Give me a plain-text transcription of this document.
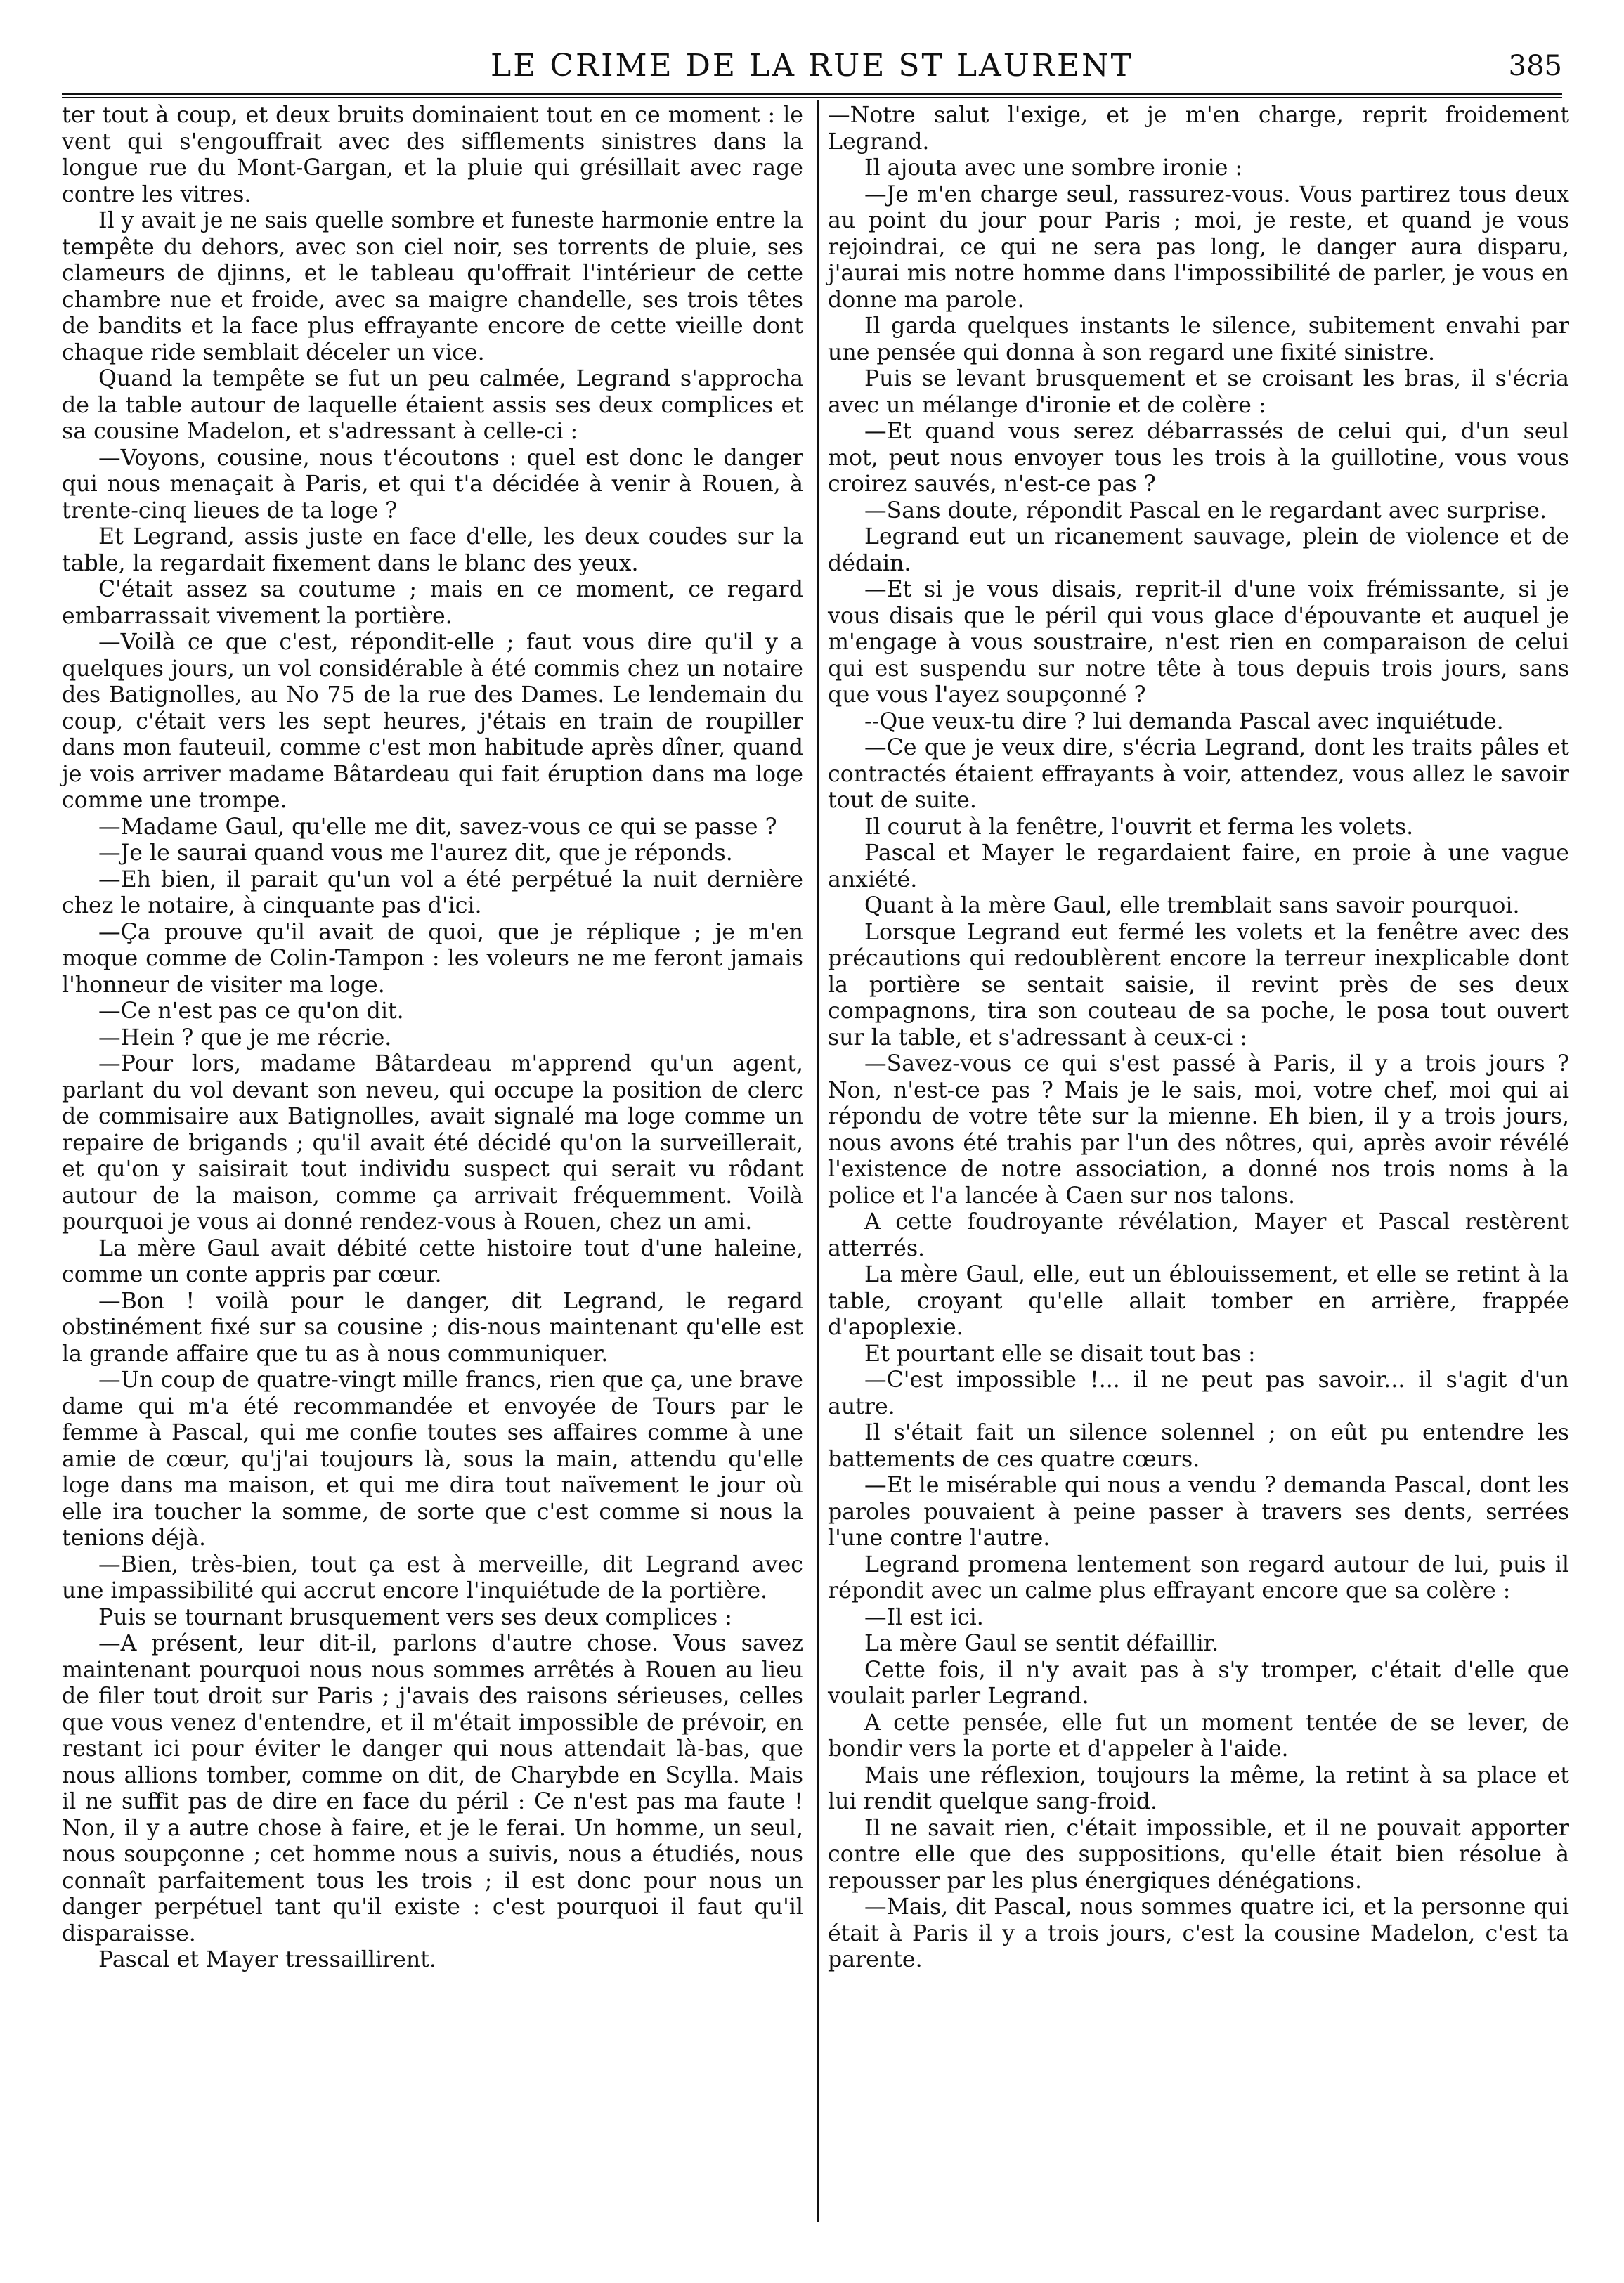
LE CRIME DE LA RUE ST LAURENT	385

ter tout à coup, et deux bruits dominaient tout en ce moment : le vent qui s'engouffrait avec des sifflements sinistres dans la longue rue du Mont-Gargan, et la pluie qui grésillait avec rage contre les vitres.

Il y avait je ne sais quelle sombre et funeste harmonie entre la tempête du dehors, avec son ciel noir, ses torrents de pluie, ses clameurs de djinns, et le tableau qu'offrait l'intérieur de cette chambre nue et froide, avec sa maigre chandelle, ses trois têtes de bandits et la face plus effrayante encore de cette vieille dont chaque ride semblait déceler un vice.

Quand la tempête se fut un peu calmée, Legrand s'approcha de la table autour de laquelle étaient assis ses deux complices et sa cousine Madelon, et s'adressant à celle-ci :

—Voyons, cousine, nous t'écoutons : quel est donc le danger qui nous menaçait à Paris, et qui t'a décidée à venir à Rouen, à trente-cinq lieues de ta loge ?

Et Legrand, assis juste en face d'elle, les deux coudes sur la table, la regardait fixement dans le blanc des yeux.

C'était assez sa coutume ; mais en ce moment, ce regard embarrassait vivement la portière.

—Voilà ce que c'est, répondit-elle ; faut vous dire qu'il y a quelques jours, un vol considérable à été commis chez un notaire des Batignolles, au No 75 de la rue des Dames. Le lendemain du coup, c'était vers les sept heures, j'étais en train de roupiller dans mon fauteuil, comme c'est mon habitude après dîner, quand je vois arriver madame Bâtardeau qui fait éruption dans ma loge comme une trompe.

—Madame Gaul, qu'elle me dit, savez-vous ce qui se passe ?

—Je le saurai quand vous me l'aurez dit, que je réponds.

—Eh bien, il parait qu'un vol a été perpétué la nuit dernière chez le notaire, à cinquante pas d'ici.

—Ça prouve qu'il avait de quoi, que je réplique ; je m'en moque comme de Colin-Tampon : les voleurs ne me feront jamais l'honneur de visiter ma loge.

—Ce n'est pas ce qu'on dit.

—Hein ? que je me récrie.

—Pour lors, madame Bâtardeau m'apprend qu'un agent, parlant du vol devant son neveu, qui occupe la position de clerc de commisaire aux Batignolles, avait signalé ma loge comme un repaire de brigands ; qu'il avait été décidé qu'on la surveillerait, et qu'on y saisirait tout individu suspect qui serait vu rôdant autour de la maison, comme ça arrivait fréquemment. Voilà pourquoi je vous ai donné rendez-vous à Rouen, chez un ami.

La mère Gaul avait débité cette histoire tout d'une haleine, comme un conte appris par cœur.

—Bon ! voilà pour le danger, dit Legrand, le regard obstinément fixé sur sa cousine ; dis-nous maintenant qu'elle est la grande affaire que tu as à nous communiquer.

—Un coup de quatre-vingt mille francs, rien que ça, une brave dame qui m'a été recommandée et envoyée de Tours par le femme à Pascal, qui me confie toutes ses affaires comme à une amie de cœur, qu'j'ai toujours là, sous la main, attendu qu'elle loge dans ma maison, et qui me dira tout naïvement le jour où elle ira toucher la somme, de sorte que c'est comme si nous la tenions déjà.

—Bien, très-bien, tout ça est à merveille, dit Legrand avec une impassibilité qui accrut encore l'inquiétude de la portière.

Puis se tournant brusquement vers ses deux complices :

—A présent, leur dit-il, parlons d'autre chose. Vous savez maintenant pourquoi nous nous sommes arrêtés à Rouen au lieu de filer tout droit sur Paris ; j'avais des raisons sérieuses, celles que vous venez d'entendre, et il m'était impossible de prévoir, en restant ici pour éviter le danger qui nous attendait là-bas, que nous allions tomber, comme on dit, de Charybde en Scylla. Mais il ne suffit pas de dire en face du péril : Ce n'est pas ma faute ! Non, il y a autre chose à faire, et je le ferai. Un homme, un seul, nous soupçonne ; cet homme nous a suivis, nous a étudiés, nous connaît parfaitement tous les trois ; il est donc pour nous un danger perpétuel tant qu'il existe : c'est pourquoi il faut qu'il disparaisse.

Pascal et Mayer tressaillirent.

—Notre salut l'exige, et je m'en charge, reprit froidement Legrand.

Il ajouta avec une sombre ironie :

—Je m'en charge seul, rassurez-vous. Vous partirez tous deux au point du jour pour Paris ; moi, je reste, et quand je vous rejoindrai, ce qui ne sera pas long, le danger aura disparu, j'aurai mis notre homme dans l'impossibilité de parler, je vous en donne ma parole.

Il garda quelques instants le silence, subitement envahi par une pensée qui donna à son regard une fixité sinistre.

Puis se levant brusquement et se croisant les bras, il s'écria avec un mélange d'ironie et de colère :

—Et quand vous serez débarrassés de celui qui, d'un seul mot, peut nous envoyer tous les trois à la guillotine, vous vous croirez sauvés, n'est-ce pas ?

—Sans doute, répondit Pascal en le regardant avec surprise.

Legrand eut un ricanement sauvage, plein de violence et de dédain.

—Et si je vous disais, reprit-il d'une voix frémissante, si je vous disais que le péril qui vous glace d'épouvante et auquel je m'engage à vous soustraire, n'est rien en comparaison de celui qui est suspendu sur notre tête à tous depuis trois jours, sans que vous l'ayez soupçonné ?

--Que veux-tu dire ? lui demanda Pascal avec inquiétude.

—Ce que je veux dire, s'écria Legrand, dont les traits pâles et contractés étaient effrayants à voir, attendez, vous allez le savoir tout de suite.

Il courut à la fenêtre, l'ouvrit et ferma les volets.

Pascal et Mayer le regardaient faire, en proie à une vague anxiété.

Quant à la mère Gaul, elle tremblait sans savoir pourquoi.

Lorsque Legrand eut fermé les volets et la fenêtre avec des précautions qui redoublèrent encore la terreur inexplicable dont la portière se sentait saisie, il revint près de ses deux compagnons, tira son couteau de sa poche, le posa tout ouvert sur la table, et s'adressant à ceux-ci :

—Savez-vous ce qui s'est passé à Paris, il y a trois jours ? Non, n'est-ce pas ? Mais je le sais, moi, votre chef, moi qui ai répondu de votre tête sur la mienne. Eh bien, il y a trois jours, nous avons été trahis par l'un des nôtres, qui, après avoir révélé l'existence de notre association, a donné nos trois noms à la police et l'a lancée à Caen sur nos talons.

A cette foudroyante révélation, Mayer et Pascal restèrent atterrés.

La mère Gaul, elle, eut un éblouissement, et elle se retint à la table, croyant qu'elle allait tomber en arrière, frappée d'apoplexie.

Et pourtant elle se disait tout bas :

—C'est impossible !... il ne peut pas savoir... il s'agit d'un autre.

Il s'était fait un silence solennel ; on eût pu entendre les battements de ces quatre cœurs.

—Et le misérable qui nous a vendu ? demanda Pascal, dont les paroles pouvaient à peine passer à travers ses dents, serrées l'une contre l'autre.

Legrand promena lentement son regard autour de lui, puis il répondit avec un calme plus effrayant encore que sa colère :

—Il est ici.

La mère Gaul se sentit défaillir.

Cette fois, il n'y avait pas à s'y tromper, c'était d'elle que voulait parler Legrand.

A cette pensée, elle fut un moment tentée de se lever, de bondir vers la porte et d'appeler à l'aide.

Mais une réflexion, toujours la même, la retint à sa place et lui rendit quelque sang-froid.

Il ne savait rien, c'était impossible, et il ne pouvait apporter contre elle que des suppositions, qu'elle était bien résolue à repousser par les plus énergiques dénégations.

—Mais, dit Pascal, nous sommes quatre ici, et la personne qui était à Paris il y a trois jours, c'est la cousine Madelon, c'est ta parente.
